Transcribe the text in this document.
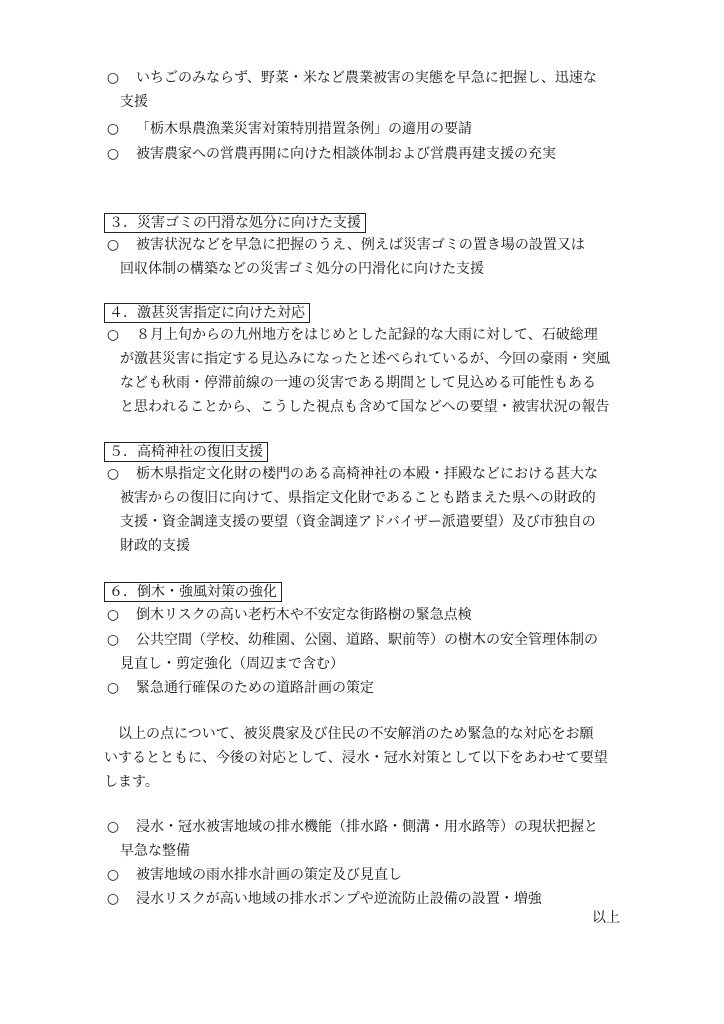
○	いちごのみならず、野菜・米など農業被害の実態を早急に把握し、迅速な
支援
○	「栃木県農漁業災害対策特別措置条例」の適用の要請
○	被害農家への営農再開に向けた相談体制および営農再建支援の充実
３．災害ゴミの円滑な処分に向けた支援
○	被害状況などを早急に把握のうえ、例えば災害ゴミの置き場の設置又は
回収体制の構築などの災害ゴミ処分の円滑化に向けた支援
４．激甚災害指定に向けた対応
○	８月上旬からの九州地方をはじめとした記録的な大雨に対して、石破総理
が激甚災害に指定する見込みになったと述べられているが、今回の豪雨・突風
なども秋雨・停滞前線の一連の災害である期間として見込める可能性もある
と思われることから、こうした視点も含めて国などへの要望・被害状況の報告
５．高椅神社の復旧支援
○	栃木県指定文化財の楼門のある高椅神社の本殿・拝殿などにおける甚大な
被害からの復旧に向けて、県指定文化財であることも踏まえた県への財政的
支援・資金調達支援の要望（資金調達アドバイザー派遣要望）及び市独自の
財政的支援
６．倒木・強風対策の強化
○	倒木リスクの高い老朽木や不安定な街路樹の緊急点検
○	公共空間（学校、幼稚園、公園、道路、駅前等）の樹木の安全管理体制の
見直し・剪定強化（周辺まで含む）
○	緊急通行確保のための道路計画の策定
以上の点について、被災農家及び住民の不安解消のため緊急的な対応をお願
いするとともに、今後の対応として、浸水・冠水対策として以下をあわせて要望
します。
○	浸水・冠水被害地域の排水機能（排水路・側溝・用水路等）の現状把握と
早急な整備
○	被害地域の雨水排水計画の策定及び見直し
○	浸水リスクが高い地域の排水ポンプや逆流防止設備の設置・増強
以上
